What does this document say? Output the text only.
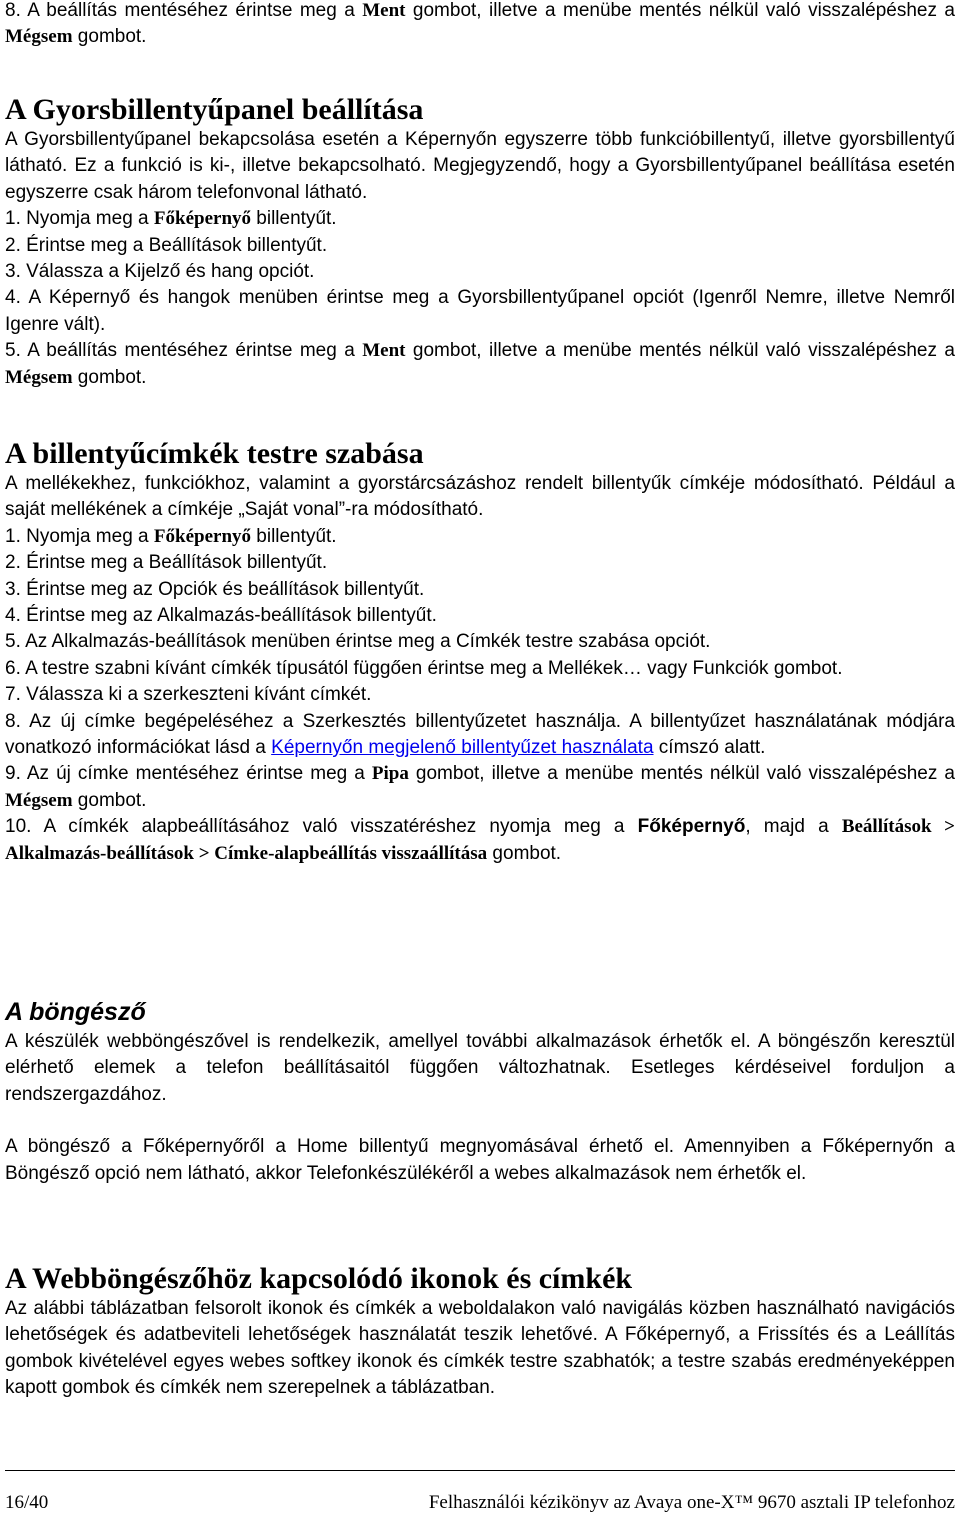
8. A beállítás mentéséhez érintse meg a Ment gombot, illetve a menübe mentés nélkül való visszalépéshez a Mégsem gombot.

A Gyorsbillentyűpanel beállítása

A Gyorsbillentyűpanel bekapcsolása esetén a Képernyőn egyszerre több funkcióbillentyű, illetve gyorsbillentyű látható. Ez a funkció is ki-, illetve bekapcsolható. Megjegyzendő, hogy a Gyorsbillentyűpanel beállítása esetén egyszerre csak három telefonvonal látható.

1. Nyomja meg a Főképernyő billentyűt.

2. Érintse meg a Beállítások billentyűt.

3. Válassza a Kijelző és hang opciót.

4. A Képernyő és hangok menüben érintse meg a Gyorsbillentyűpanel opciót (Igenről Nemre, illetve Nemről Igenre vált).

5. A beállítás mentéséhez érintse meg a Ment gombot, illetve a menübe mentés nélkül való visszalépéshez a Mégsem gombot.

A billentyűcímkék testre szabása

A mellékekhez, funkciókhoz, valamint a gyorstárcsázáshoz rendelt billentyűk címkéje módosítható. Például a saját mellékének a címkéje „Saját vonal”-ra módosítható.

1. Nyomja meg a Főképernyő billentyűt.

2. Érintse meg a Beállítások billentyűt.

3. Érintse meg az Opciók és beállítások billentyűt.

4. Érintse meg az Alkalmazás-beállítások billentyűt.

5. Az Alkalmazás-beállítások menüben érintse meg a Címkék testre szabása opciót.

6. A testre szabni kívánt címkék típusától függően érintse meg a Mellékek… vagy Funkciók gombot.

7. Válassza ki a szerkeszteni kívánt címkét.

8. Az új címke begépeléséhez a Szerkesztés billentyűzetet használja. A billentyűzet használatának módjára vonatkozó információkat lásd a Képernyőn megjelenő billentyűzet használata címszó alatt.

9. Az új címke mentéséhez érintse meg a Pipa gombot, illetve a menübe mentés nélkül való visszalépéshez a Mégsem gombot.

10. A címkék alapbeállításához való visszatéréshez nyomja meg a Főképernyő, majd a Beállítások > Alkalmazás-beállítások > Címke-alapbeállítás visszaállítása gombot.

A böngésző

A készülék webböngészővel is rendelkezik, amellyel további alkalmazások érhetők el. A böngészőn keresztül elérhető elemek a telefon beállításaitól függően változhatnak. Esetleges kérdéseivel forduljon a rendszergazdához.

A böngésző a Főképernyőről a Home billentyű megnyomásával érhető el. Amennyiben a Főképernyőn a Böngésző opció nem látható, akkor Telefonkészülékéről a webes alkalmazások nem érhetők el.

A Webböngészőhöz kapcsolódó ikonok és címkék

Az alábbi táblázatban felsorolt ikonok és címkék a weboldalakon való navigálás közben használható navigációs lehetőségek és adatbeviteli lehetőségek használatát teszik lehetővé. A Főképernyő, a Frissítés és a Leállítás gombok kivételével egyes webes softkey ikonok és címkék testre szabhatók; a testre szabás eredményeképpen kapott gombok és címkék nem szerepelnek a táblázatban.

16/40	Felhasználói kézikönyv az Avaya one-X™ 9670 asztali IP telefonhoz
